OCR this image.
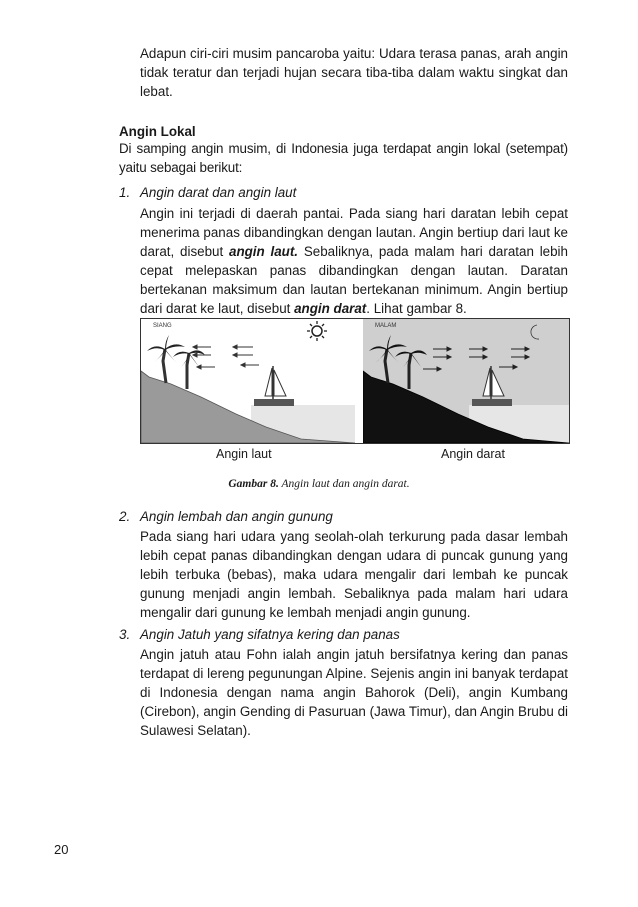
Adapun ciri-ciri musim pancaroba yaitu: Udara terasa panas, arah angin tidak teratur dan terjadi hujan secara tiba-tiba dalam waktu singkat dan lebat.

Angin Lokal

Di samping angin musim, di Indonesia juga terdapat angin lokal (setempat) yaitu sebagai berikut:

1. Angin darat dan angin laut

Angin ini terjadi di daerah pantai. Pada siang hari daratan lebih cepat menerima panas dibandingkan dengan lautan. Angin bertiup dari laut ke darat, disebut angin laut. Sebaliknya, pada malam hari daratan lebih cepat melepaskan panas dibandingkan dengan lautan. Daratan bertekanan maksimum dan lautan bertekanan minimum. Angin bertiup dari darat ke laut, disebut angin darat. Lihat gambar 8.

SIANG	MALAM
Angin laut	Angin darat
Gambar 8. Angin laut dan angin darat.

2. Angin lembah dan angin gunung

Pada siang hari udara yang seolah-olah terkurung pada dasar lembah lebih cepat panas dibandingkan dengan udara di puncak gunung yang lebih terbuka (bebas), maka udara mengalir dari lembah ke puncak gunung menjadi angin lembah. Sebaliknya pada malam hari udara mengalir dari gunung ke lembah menjadi angin gunung.

3. Angin Jatuh yang sifatnya kering dan panas

Angin jatuh atau Fohn ialah angin jatuh bersifatnya kering dan panas terdapat di lereng pegunungan Alpine. Sejenis angin ini banyak terdapat di Indonesia dengan nama angin Bahorok (Deli), angin Kumbang (Cirebon), angin Gending di Pasuruan (Jawa Timur), dan Angin Brubu di Sulawesi Selatan).

20
